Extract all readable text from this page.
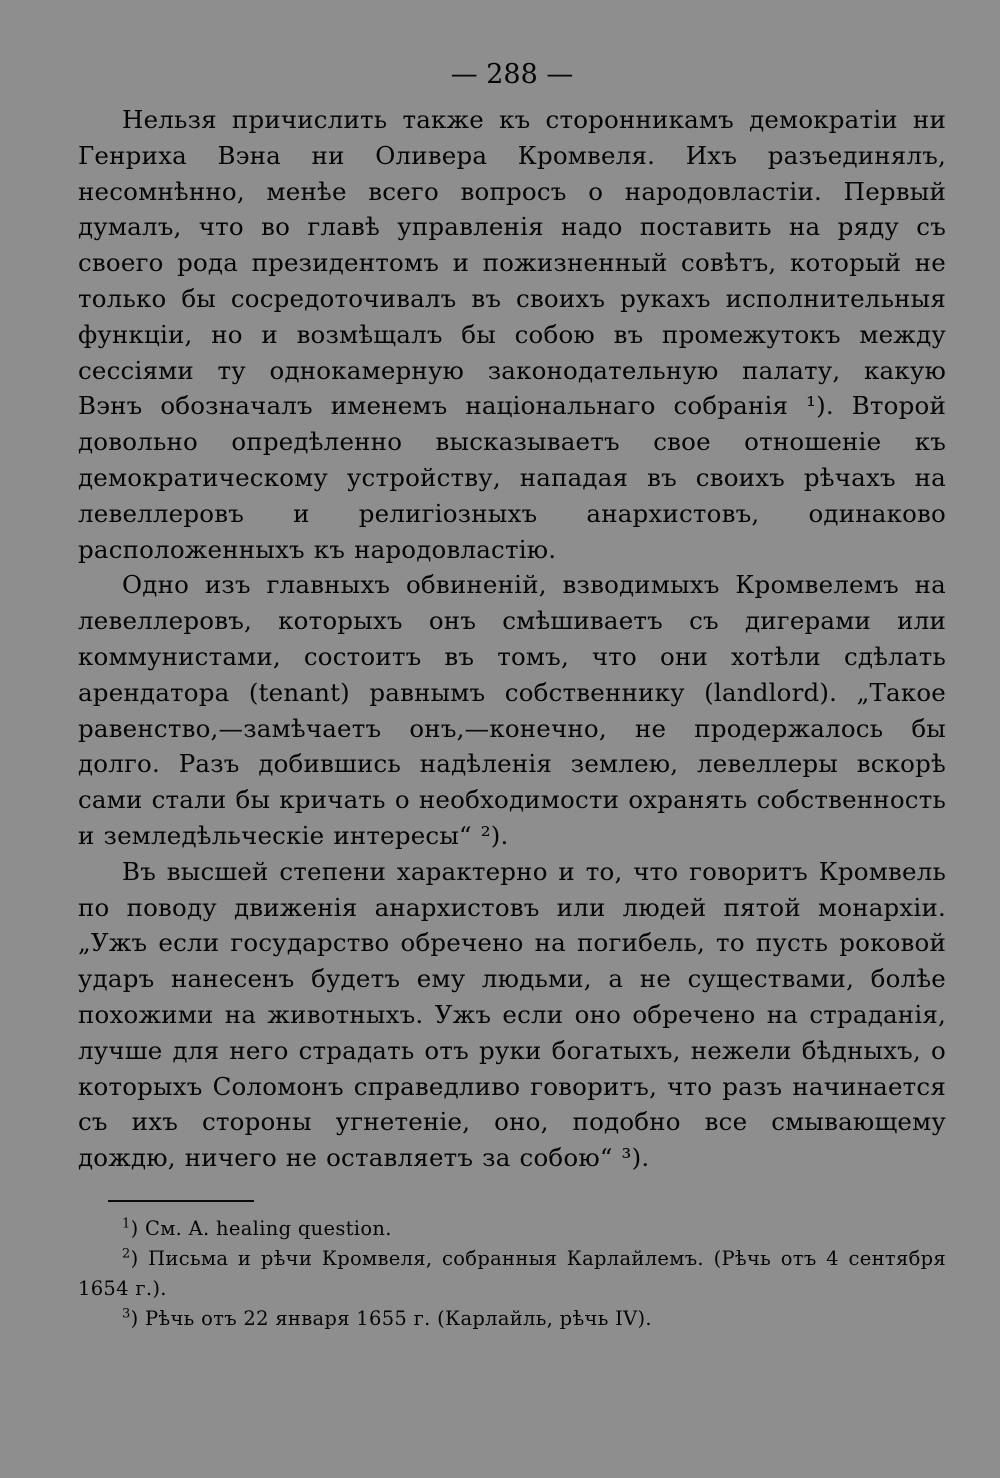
— 288 —

Нельзя причислить также къ сторонникамъ демократіи ни Генриха Вэна ни Оливера Кромвеля. Ихъ разъединялъ, несомнѣнно, менѣе всего вопросъ о народовластіи. Первый думалъ, что во главѣ управленія надо поставить на ряду съ своего рода президентомъ и пожизненный совѣтъ, который не только бы сосредоточивалъ въ своихъ рукахъ исполнительныя функціи, но и возмѣщалъ бы собою въ промежутокъ между сессіями ту однокамерную законодательную палату, какую Вэнъ обозначалъ именемъ національнаго собранія ¹). Второй довольно опредѣленно высказываетъ свое отношеніе къ демократическому устройству, нападая въ своихъ рѣчахъ на левеллеровъ и религіозныхъ анархистовъ, одинаково расположенныхъ къ народовластію.

Одно изъ главныхъ обвиненій, взводимыхъ Кромвелемъ на левеллеровъ, которыхъ онъ смѣшиваетъ съ дигерами или коммунистами, состоитъ въ томъ, что они хотѣли сдѣлать арендатора (tenant) равнымъ собственнику (landlord). „Такое равенство,—замѣчаетъ онъ,—конечно, не продержалось бы долго. Разъ добившись надѣленія землею, левеллеры вскорѣ сами стали бы кричать о необходимости охранять собственность и земледѣльческіе интересы“ ²).

Въ высшей степени характерно и то, что говоритъ Кромвель по поводу движенія анархистовъ или людей пятой монархіи. „Ужъ если государство обречено на погибель, то пусть роковой ударъ нанесенъ будетъ ему людьми, а не существами, болѣе похожими на животныхъ. Ужъ если оно обречено на страданія, лучше для него страдать отъ руки богатыхъ, нежели бѣдныхъ, о которыхъ Соломонъ справедливо говоритъ, что разъ начинается съ ихъ стороны угнетеніе, оно, подобно все смывающему дождю, ничего не оставляетъ за собою“ ³).

$^1$) См. A. healing question.

$^2$) Письма и рѣчи Кромвеля, собранныя Карлайлемъ. (Рѣчь отъ 4 сентября 1654 г.).

$^3$) Рѣчь отъ 22 января 1655 г. (Карлайль, рѣчь IV).
